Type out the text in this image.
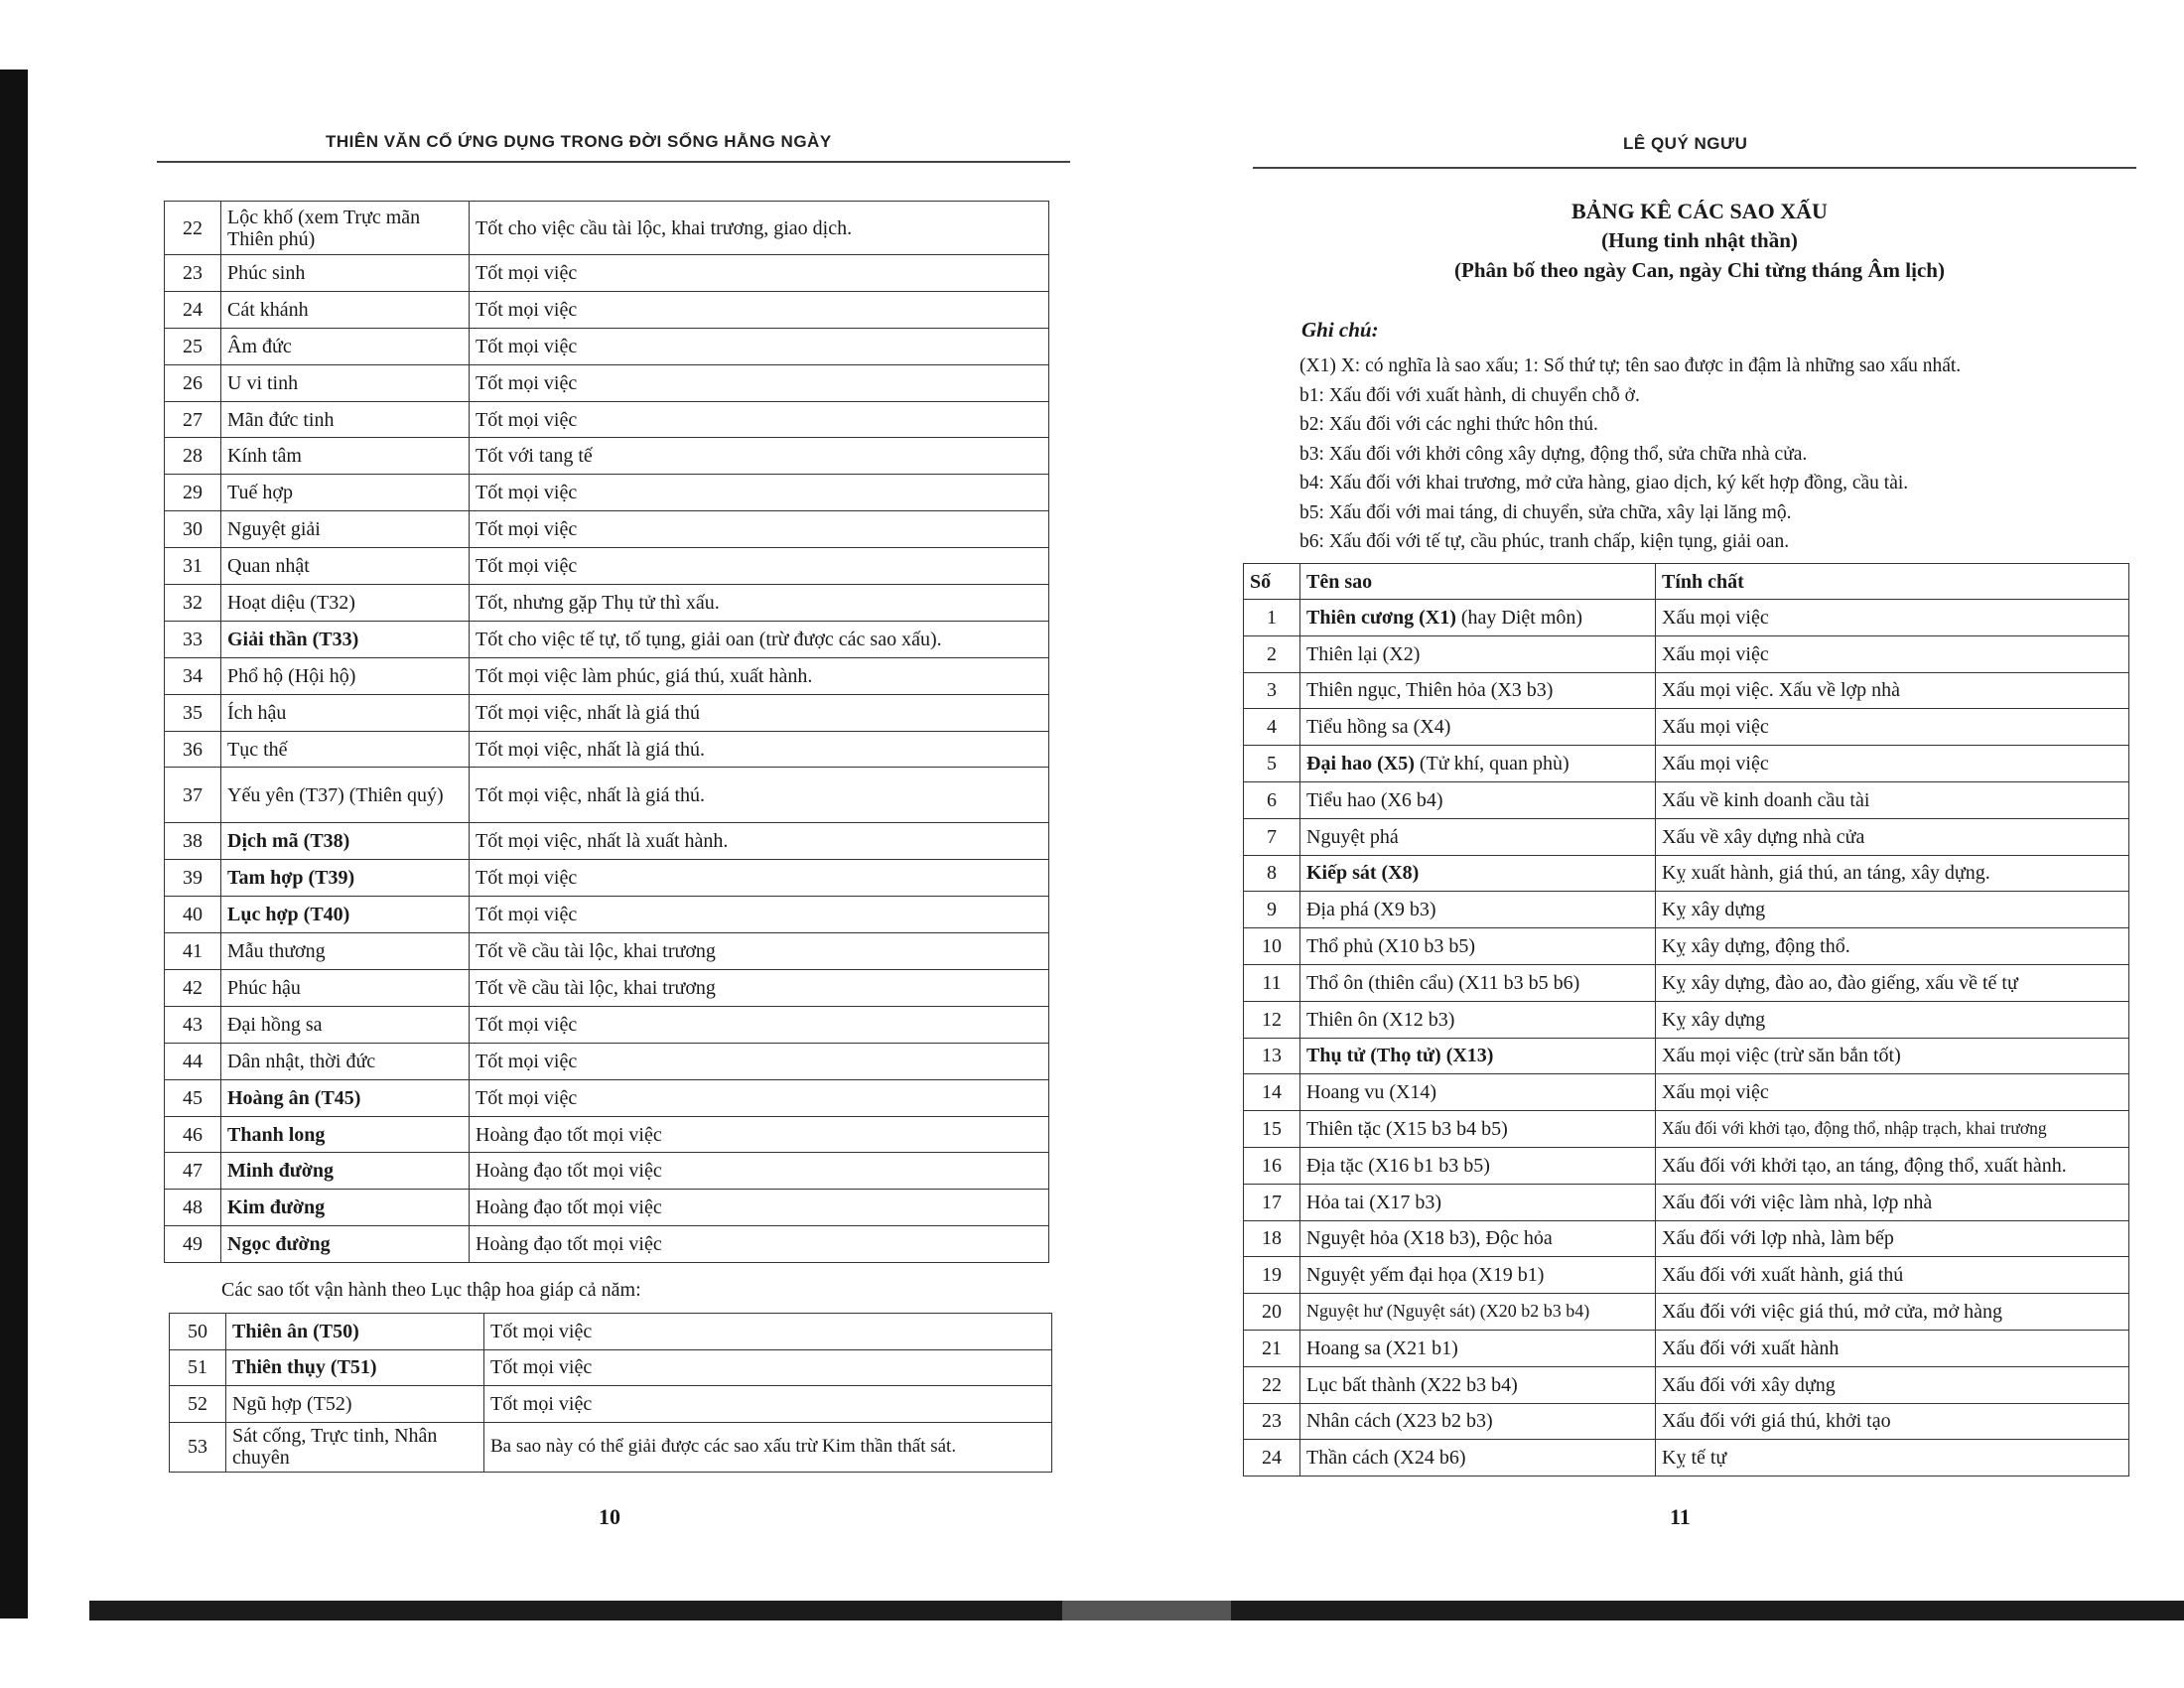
THIÊN VĂN CỔ ỨNG DỤNG TRONG ĐỜI SỐNG HẰNG NGÀY
22	Lộc khố (xem Trực mãn Thiên phú)	Tốt cho việc cầu tài lộc, khai trương, giao dịch.
23	Phúc sinh	Tốt mọi việc
24	Cát khánh	Tốt mọi việc
25	Âm đức	Tốt mọi việc
26	U vi tinh	Tốt mọi việc
27	Mãn đức tinh	Tốt mọi việc
28	Kính tâm	Tốt với tang tế
29	Tuế hợp	Tốt mọi việc
30	Nguyệt giải	Tốt mọi việc
31	Quan nhật	Tốt mọi việc
32	Hoạt diệu (T32)	Tốt, nhưng gặp Thụ tử thì xấu.
33	Giải thần (T33)	Tốt cho việc tế tự, tố tụng, giải oan (trừ được các sao xấu).
34	Phổ hộ (Hội hộ)	Tốt mọi việc làm phúc, giá thú, xuất hành.
35	Ích hậu	Tốt mọi việc, nhất là giá thú
36	Tục thế	Tốt mọi việc, nhất là giá thú.
37	Yếu yên (T37) (Thiên quý)	Tốt mọi việc, nhất là giá thú.
38	Dịch mã (T38)	Tốt mọi việc, nhất là xuất hành.
39	Tam hợp (T39)	Tốt mọi việc
40	Lục hợp (T40)	Tốt mọi việc
41	Mẫu thương	Tốt về cầu tài lộc, khai trương
42	Phúc hậu	Tốt về cầu tài lộc, khai trương
43	Đại hồng sa	Tốt mọi việc
44	Dân nhật, thời đức	Tốt mọi việc
45	Hoàng ân (T45)	Tốt mọi việc
46	Thanh long	Hoàng đạo tốt mọi việc
47	Minh đường	Hoàng đạo tốt mọi việc
48	Kim đường	Hoàng đạo tốt mọi việc
49	Ngọc đường	Hoàng đạo tốt mọi việc
Các sao tốt vận hành theo Lục thập hoa giáp cả năm:
50	Thiên ân (T50)	Tốt mọi việc
51	Thiên thụy (T51)	Tốt mọi việc
52	Ngũ hợp (T52)	Tốt mọi việc
53	Sát cống, Trực tinh, Nhân chuyên	Ba sao này có thể giải được các sao xấu trừ Kim thần thất sát.
10
LÊ QUÝ NGƯU
BẢNG KÊ CÁC SAO XẤU
(Hung tinh nhật thần)
(Phân bố theo ngày Can, ngày Chi từng tháng Âm lịch)
Ghi chú:
(X1) X: có nghĩa là sao xấu; 1: Số thứ tự; tên sao được in đậm là những sao xấu nhất.
b1: Xấu đối với xuất hành, di chuyển chỗ ở.
b2: Xấu đối với các nghi thức hôn thú.
b3: Xấu đối với khởi công xây dựng, động thổ, sửa chữa nhà cửa.
b4: Xấu đối với khai trương, mở cửa hàng, giao dịch, ký kết hợp đồng, cầu tài.
b5: Xấu đối với mai táng, di chuyển, sửa chữa, xây lại lăng mộ.
b6: Xấu đối với tế tự, cầu phúc, tranh chấp, kiện tụng, giải oan.
Số	Tên sao	Tính chất
1	Thiên cương (X1) (hay Diệt môn)	Xấu mọi việc
2	Thiên lại (X2)	Xấu mọi việc
3	Thiên ngục, Thiên hỏa (X3 b3)	Xấu mọi việc. Xấu về lợp nhà
4	Tiểu hồng sa (X4)	Xấu mọi việc
5	Đại hao (X5) (Tử khí, quan phù)	Xấu mọi việc
6	Tiểu hao (X6 b4)	Xấu về kinh doanh cầu tài
7	Nguyệt phá	Xấu về xây dựng nhà cửa
8	Kiếp sát (X8)	Kỵ xuất hành, giá thú, an táng, xây dựng.
9	Địa phá (X9 b3)	Kỵ xây dựng
10	Thổ phủ (X10 b3 b5)	Kỵ xây dựng, động thổ.
11	Thổ ôn (thiên cẩu) (X11 b3 b5 b6)	Kỵ xây dựng, đào ao, đào giếng, xấu về tế tự
12	Thiên ôn (X12 b3)	Kỵ xây dựng
13	Thụ tử (Thọ tử) (X13)	Xấu mọi việc (trừ săn bắn tốt)
14	Hoang vu (X14)	Xấu mọi việc
15	Thiên tặc (X15 b3 b4 b5)	Xấu đối với khởi tạo, động thổ, nhập trạch, khai trương
16	Địa tặc (X16 b1 b3 b5)	Xấu đối với khởi tạo, an táng, động thổ, xuất hành.
17	Hỏa tai (X17 b3)	Xấu đối với việc làm nhà, lợp nhà
18	Nguyệt hỏa (X18 b3), Độc hỏa	Xấu đối với lợp nhà, làm bếp
19	Nguyệt yếm đại họa (X19 b1)	Xấu đối với xuất hành, giá thú
20	Nguyệt hư (Nguyệt sát) (X20 b2 b3 b4)	Xấu đối với việc giá thú, mở cửa, mở hàng
21	Hoang sa (X21 b1)	Xấu đối với xuất hành
22	Lục bất thành (X22 b3 b4)	Xấu đối với xây dựng
23	Nhân cách (X23 b2 b3)	Xấu đối với giá thú, khởi tạo
24	Thần cách (X24 b6)	Kỵ tế tự
11
